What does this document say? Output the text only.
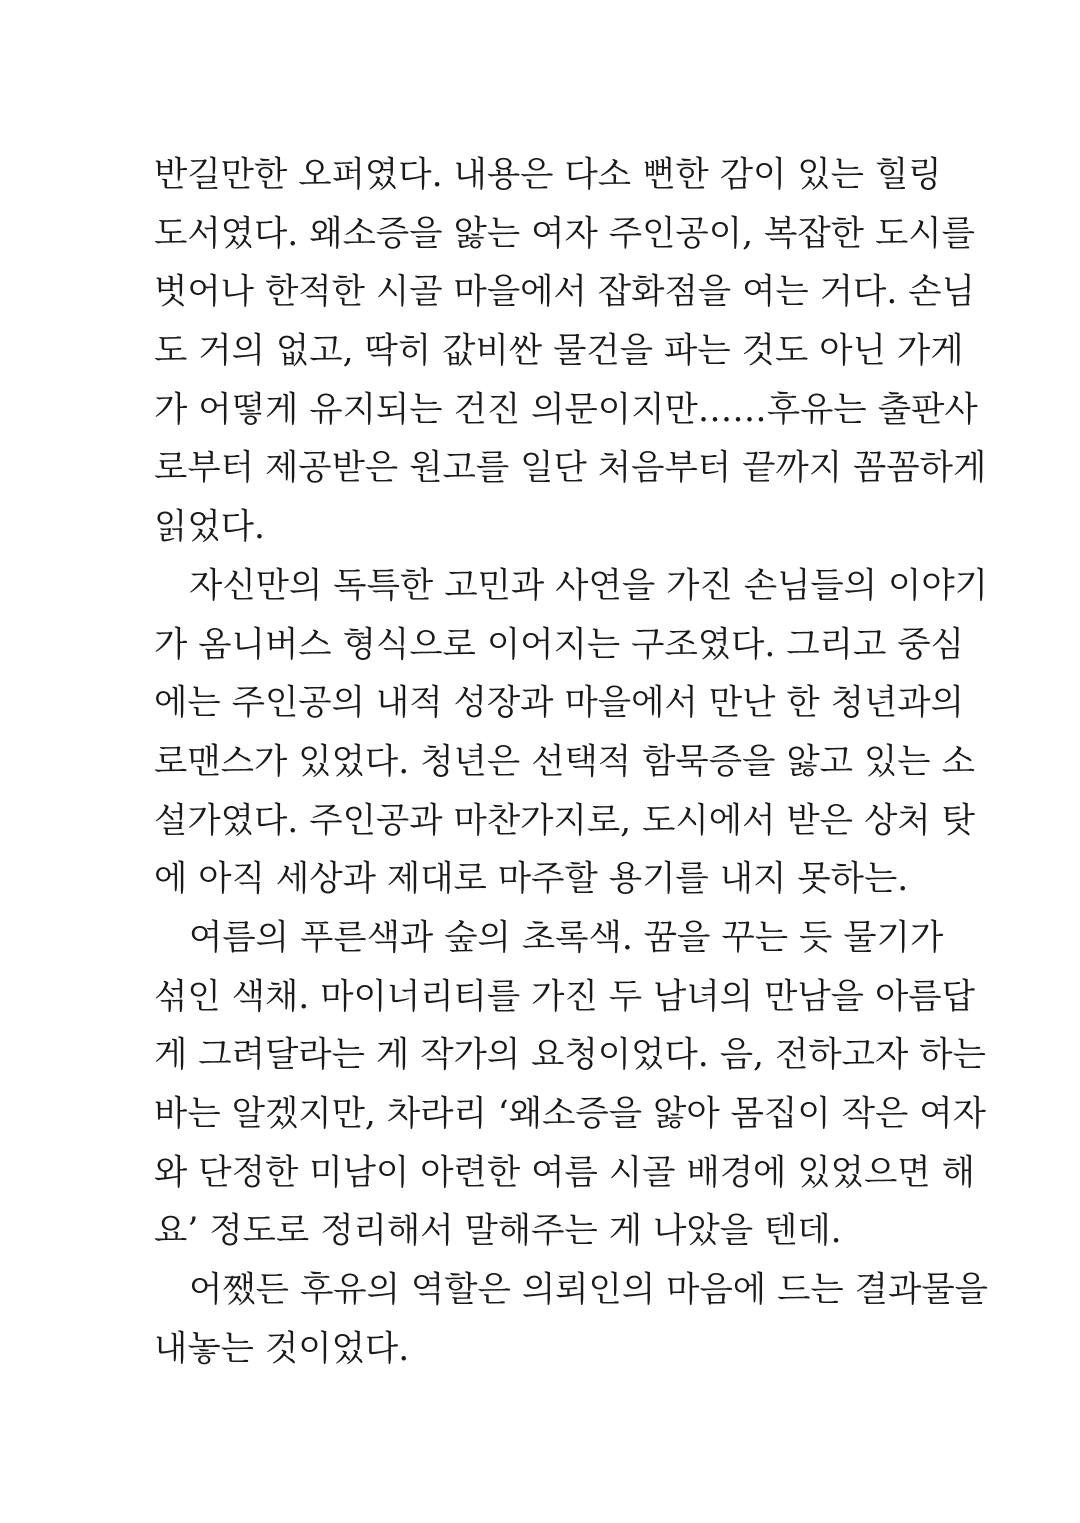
반길만한 오퍼였다. 내용은 다소 뻔한 감이 있는 힐링
도서였다. 왜소증을 앓는 여자 주인공이, 복잡한 도시를
벗어나 한적한 시골 마을에서 잡화점을 여는 거다. 손님
도 거의 없고, 딱히 값비싼 물건을 파는 것도 아닌 가게
가 어떻게 유지되는 건진 의문이지만……후유는 출판사
로부터 제공받은 원고를 일단 처음부터 끝까지 꼼꼼하게
읽었다.
자신만의 독특한 고민과 사연을 가진 손님들의 이야기
가 옴니버스 형식으로 이어지는 구조였다. 그리고 중심
에는 주인공의 내적 성장과 마을에서 만난 한 청년과의
로맨스가 있었다. 청년은 선택적 함묵증을 앓고 있는 소
설가였다. 주인공과 마찬가지로, 도시에서 받은 상처 탓
에 아직 세상과 제대로 마주할 용기를 내지 못하는.
여름의 푸른색과 숲의 초록색. 꿈을 꾸는 듯 물기가
섞인 색채. 마이너리티를 가진 두 남녀의 만남을 아름답
게 그려달라는 게 작가의 요청이었다. 음, 전하고자 하는
바는 알겠지만, 차라리 ‘왜소증을 앓아 몸집이 작은 여자
와 단정한 미남이 아련한 여름 시골 배경에 있었으면 해
요’ 정도로 정리해서 말해주는 게 나았을 텐데.
어쨌든 후유의 역할은 의뢰인의 마음에 드는 결과물을
내놓는 것이었다.
